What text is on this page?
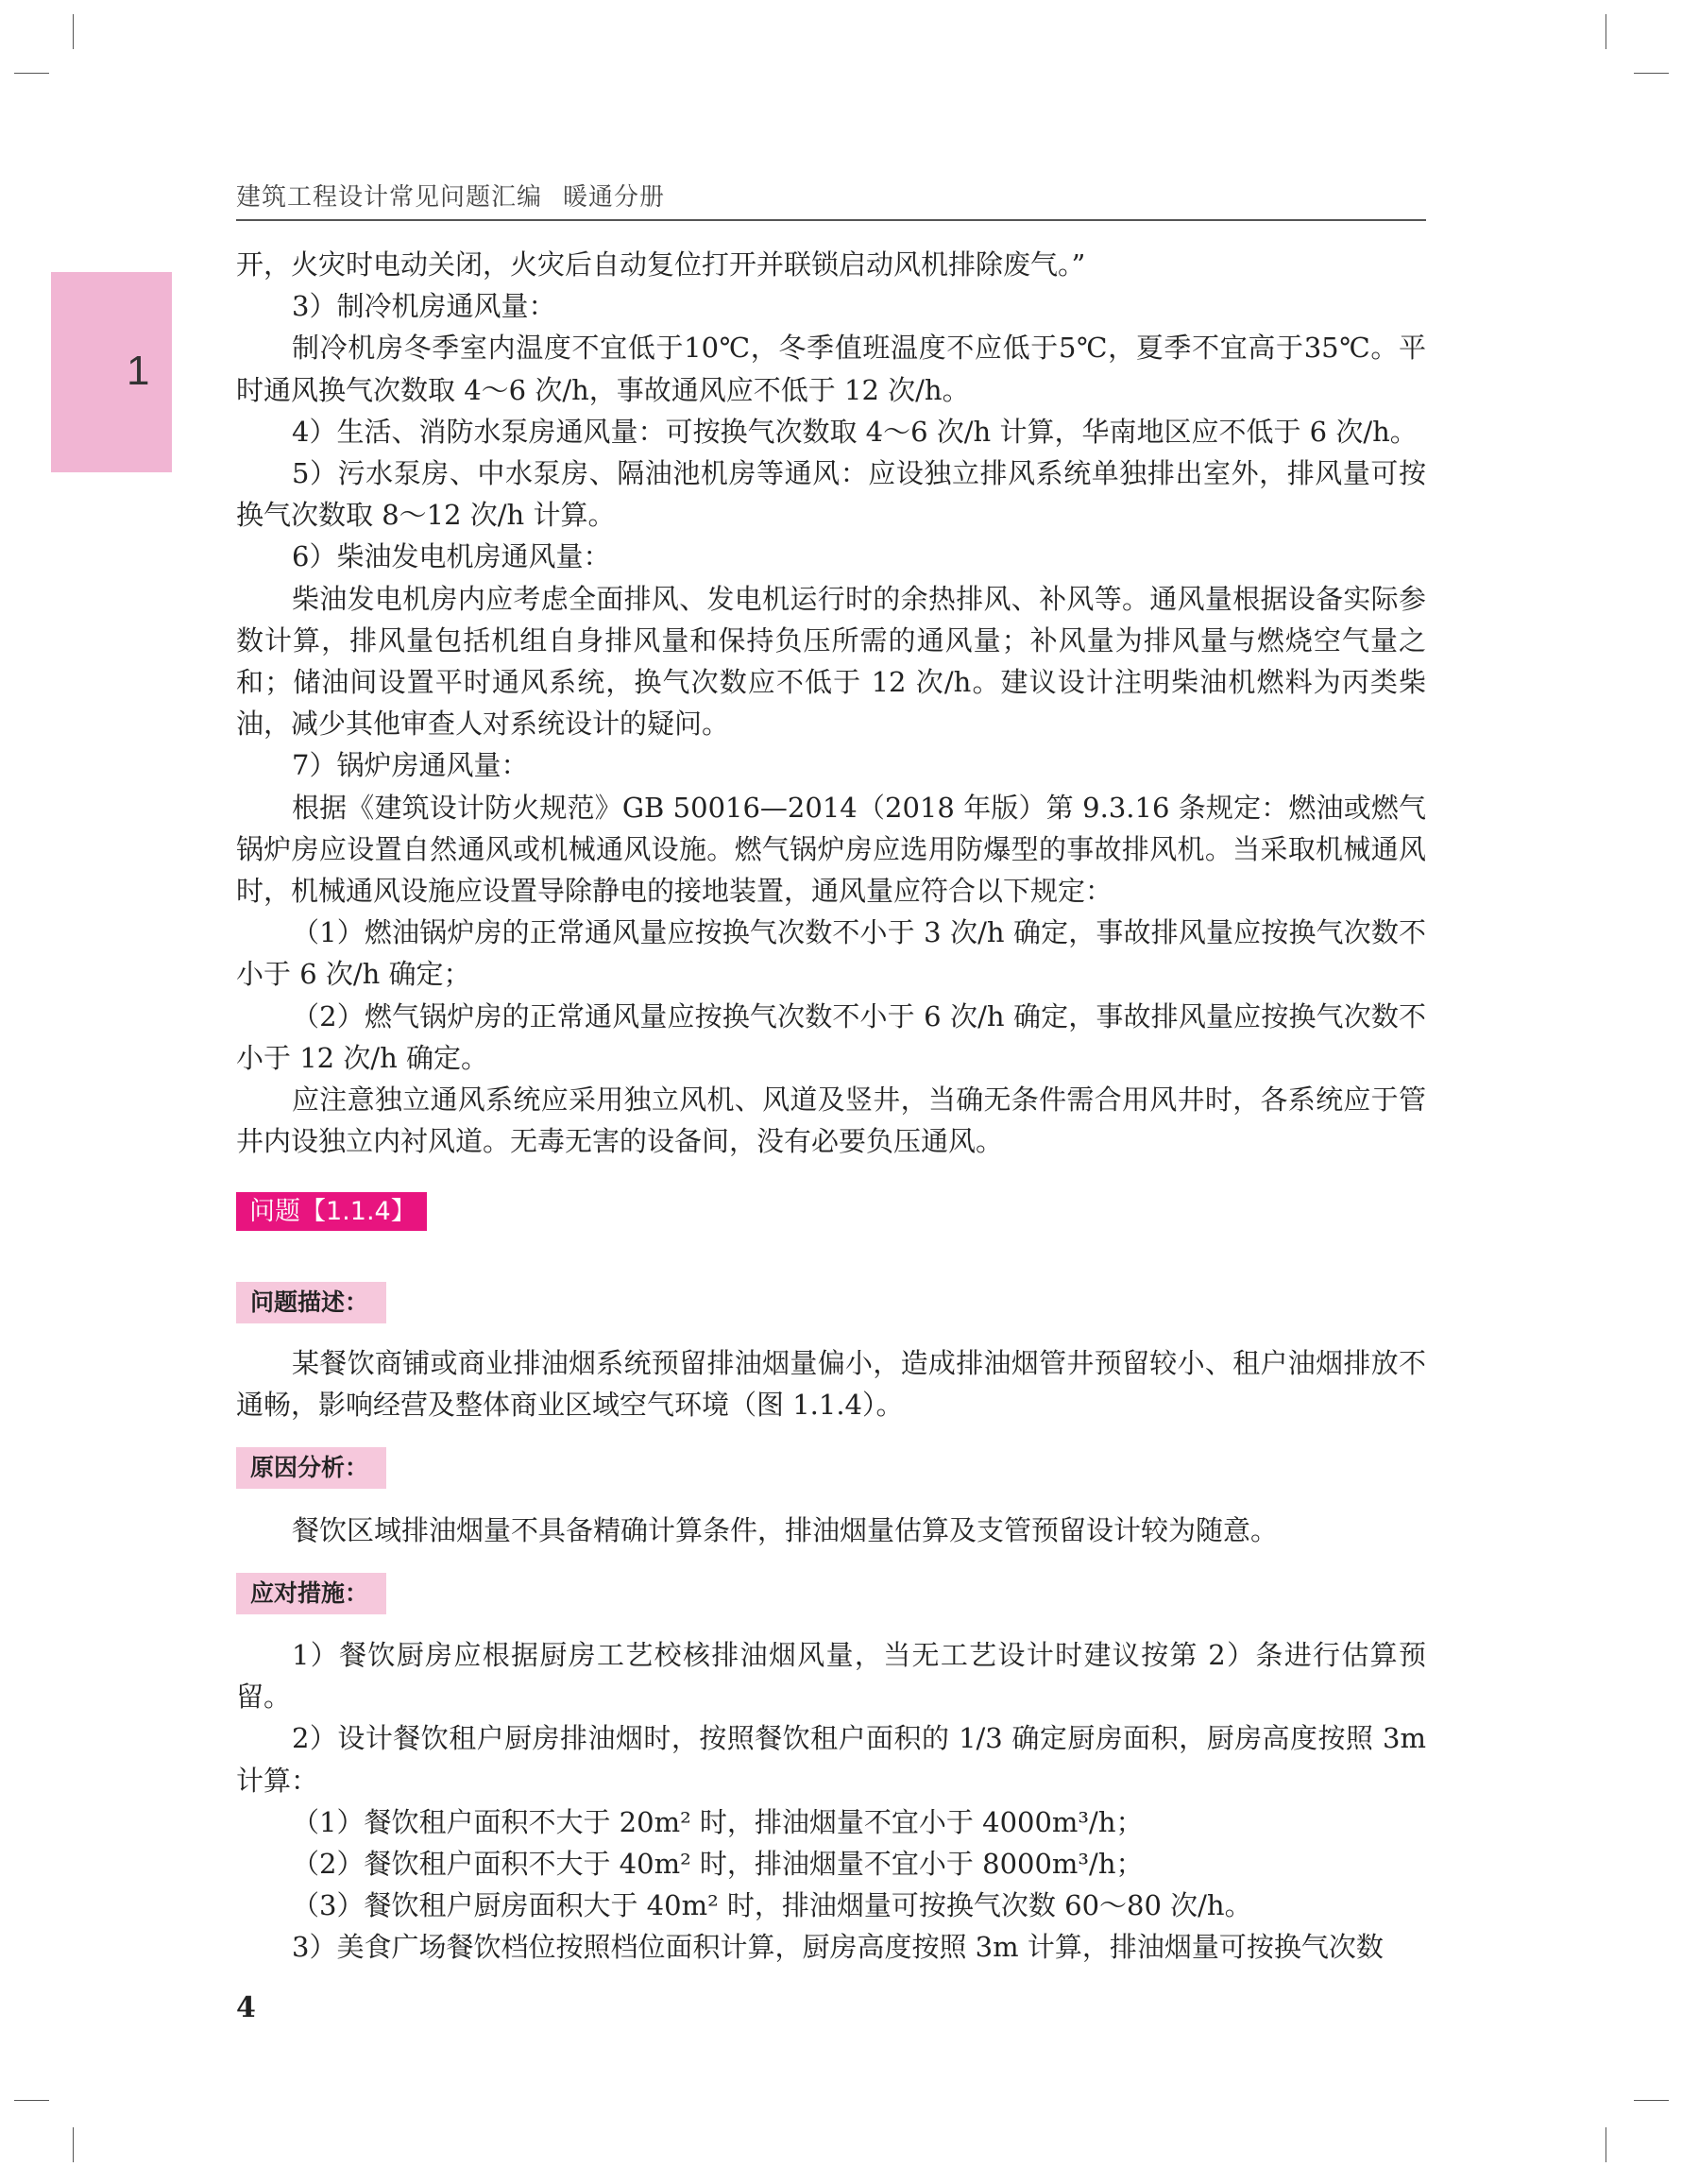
建筑工程设计常见问题汇编 暖通分册
1

开，火灾时电动关闭，火灾后自动复位打开并联锁启动风机排除废气。”

3）制冷机房通风量：

制冷机房冬季室内温度不宜低于10℃，冬季值班温度不应低于5℃，夏季不宜高于35℃。平时通风换气次数取 4～6 次/h，事故通风应不低于 12 次/h。

4）生活、消防水泵房通风量：可按换气次数取 4～6 次/h 计算，华南地区应不低于 6 次/h。

5）污水泵房、中水泵房、隔油池机房等通风：应设独立排风系统单独排出室外，排风量可按换气次数取 8～12 次/h 计算。

6）柴油发电机房通风量：

柴油发电机房内应考虑全面排风、发电机运行时的余热排风、补风等。通风量根据设备实际参数计算，排风量包括机组自身排风量和保持负压所需的通风量；补风量为排风量与燃烧空气量之和；储油间设置平时通风系统，换气次数应不低于 12 次/h。建议设计注明柴油机燃料为丙类柴油，减少其他审查人对系统设计的疑问。

7）锅炉房通风量：

根据《建筑设计防火规范》GB 50016—2014（2018 年版）第 9.3.16 条规定：燃油或燃气锅炉房应设置自然通风或机械通风设施。燃气锅炉房应选用防爆型的事故排风机。当采取机械通风时，机械通风设施应设置导除静电的接地装置，通风量应符合以下规定：

（1）燃油锅炉房的正常通风量应按换气次数不小于 3 次/h 确定，事故排风量应按换气次数不小于 6 次/h 确定；

（2）燃气锅炉房的正常通风量应按换气次数不小于 6 次/h 确定，事故排风量应按换气次数不小于 12 次/h 确定。

应注意独立通风系统应采用独立风机、风道及竖井，当确无条件需合用风井时，各系统应于管井内设独立内衬风道。无毒无害的设备间，没有必要负压通风。

问题【1.1.4】
问题描述：

某餐饮商铺或商业排油烟系统预留排油烟量偏小，造成排油烟管井预留较小、租户油烟排放不通畅，影响经营及整体商业区域空气环境（图 1.1.4）。

原因分析：

餐饮区域排油烟量不具备精确计算条件，排油烟量估算及支管预留设计较为随意。

应对措施：

1）餐饮厨房应根据厨房工艺校核排油烟风量，当无工艺设计时建议按第 2）条进行估算预留。

2）设计餐饮租户厨房排油烟时，按照餐饮租户面积的 1/3 确定厨房面积，厨房高度按照 3m 计算：

（1）餐饮租户面积不大于 20m² 时，排油烟量不宜小于 4000m³/h；

（2）餐饮租户面积不大于 40m² 时，排油烟量不宜小于 8000m³/h；

（3）餐饮租户厨房面积大于 40m² 时，排油烟量可按换气次数 60～80 次/h。

3）美食广场餐饮档位按照档位面积计算，厨房高度按照 3m 计算，排油烟量可按换气次数

4
